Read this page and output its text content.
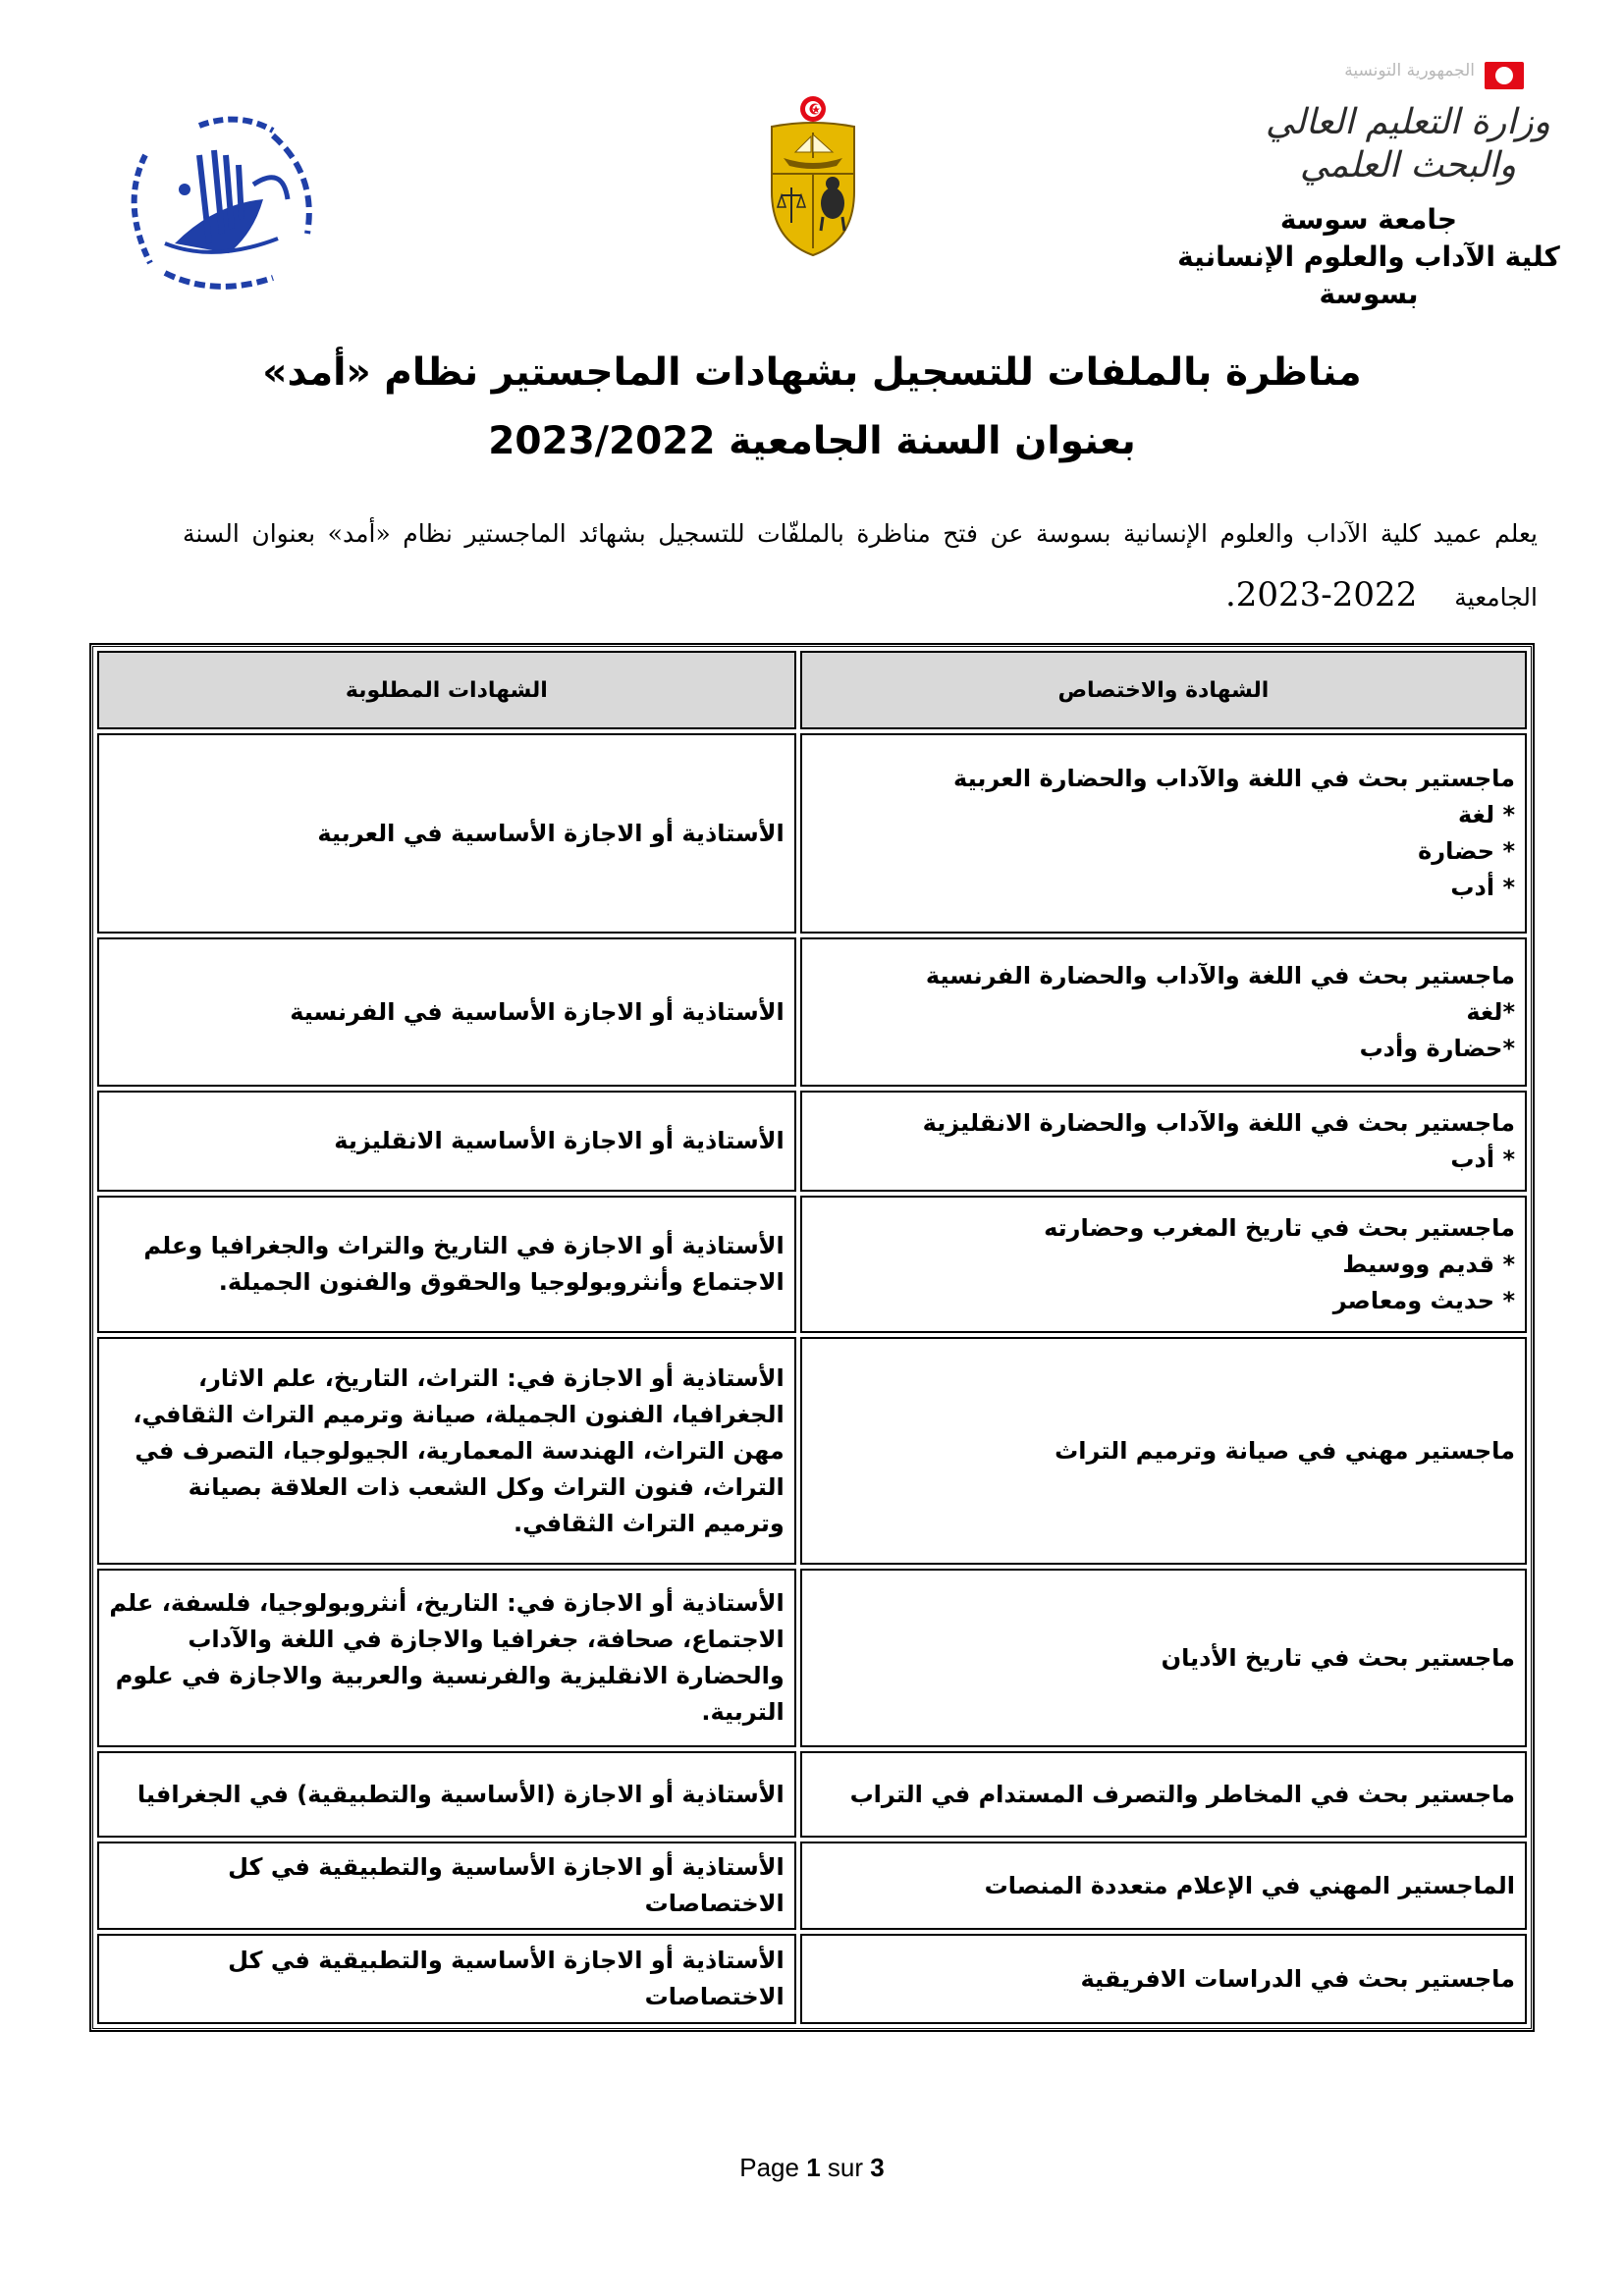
الجمهورية التونسية
وزارة التعليم العالي
والبحث العلمي
جامعة سوسة
كلية الآداب والعلوم الإنسانية
بسوسة
مناظرة بالملفات للتسجيل بشهادات الماجستير نظام «أمد»
بعنوان السنة الجامعية 2023/2022
يعلم عميد كلية الآداب والعلوم الإنسانية بسوسة عن فتح مناظرة بالملفّات للتسجيل بشهائد الماجستير نظام «أمد» بعنوان السنة الجامعية 2022-2023.
الشهادة والاختصاص	الشهادات المطلوبة

ماجستير بحث في اللغة والآداب والحضارة العربية
* لغة
* حضارة
* أدب	الأستاذية أو الاجازة الأساسية في العربية

ماجستير بحث في اللغة والآداب والحضارة الفرنسية
*لغة
*حضارة وأدب	الأستاذية أو الاجازة الأساسية في الفرنسية

ماجستير بحث في اللغة والآداب والحضارة الانقليزية
* أدب	الأستاذية أو الاجازة الأساسية الانقليزية

ماجستير بحث في تاريخ المغرب وحضارته
* قديم ووسيط
* حديث ومعاصر	الأستاذية أو الاجازة في التاريخ والتراث والجغرافيا وعلم الاجتماع وأنثروبولوجيا والحقوق والفنون الجميلة.

ماجستير مهني في صيانة وترميم التراث	الأستاذية أو الاجازة في: التراث، التاريخ، علم الاثار، الجغرافيا، الفنون الجميلة، صيانة وترميم التراث الثقافي، مهن التراث، الهندسة المعمارية، الجيولوجيا، التصرف في التراث، فنون التراث وكل الشعب ذات العلاقة بصيانة وترميم التراث الثقافي.

ماجستير بحث في تاريخ الأديان	الأستاذية أو الاجازة في: التاريخ، أنثروبولوجيا، فلسفة، علم الاجتماع، صحافة، جغرافيا والاجازة في اللغة والآداب والحضارة الانقليزية والفرنسية والعربية والاجازة في علوم التربية.

ماجستير بحث في المخاطر والتصرف المستدام في التراب	الأستاذية أو الاجازة (الأساسية والتطبيقية) في الجغرافيا

الماجستير المهني في الإعلام متعددة المنصات	الأستاذية أو الاجازة الأساسية والتطبيقية في كل الاختصاصات

ماجستير بحث في الدراسات الافريقية	الأستاذية أو الاجازة الأساسية والتطبيقية في كل الاختصاصات
Page 1 sur 3
